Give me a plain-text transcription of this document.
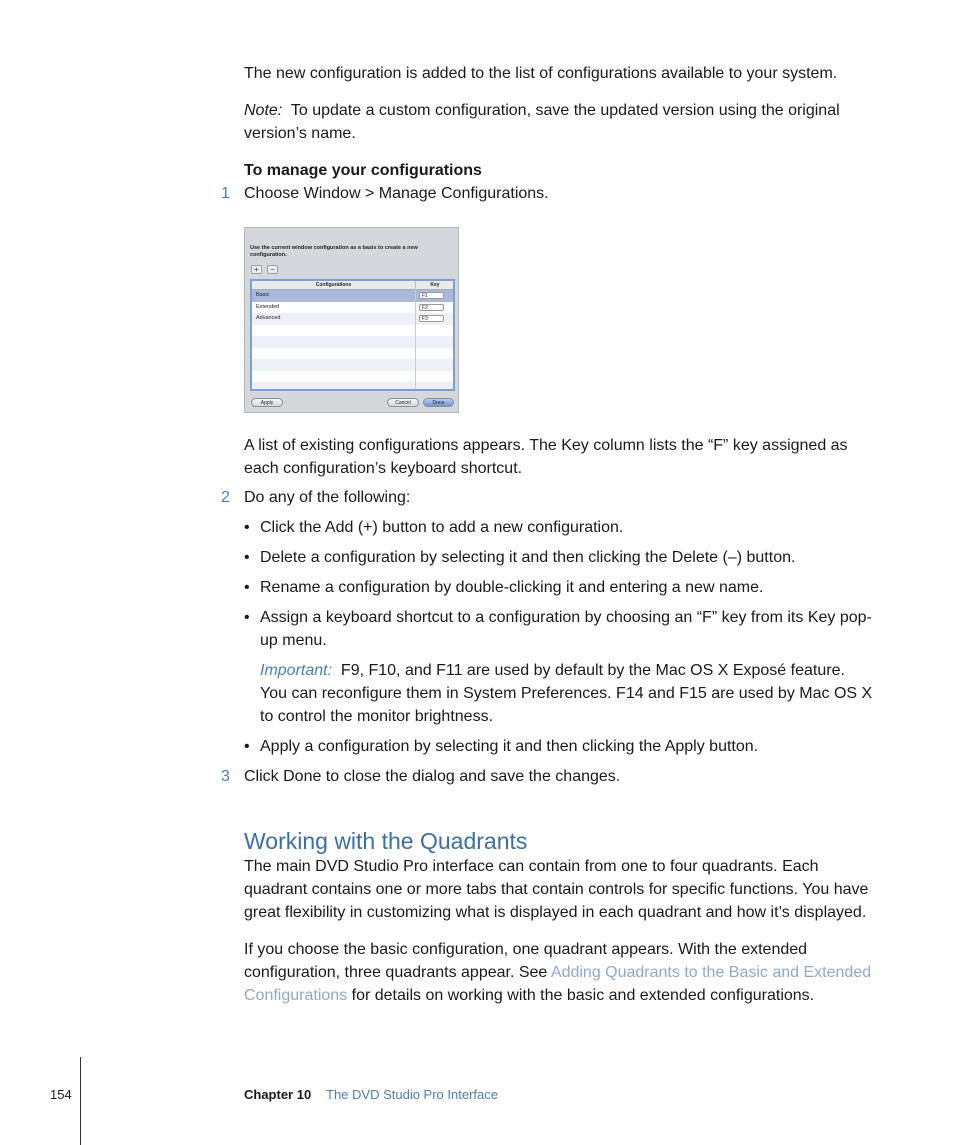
The new configuration is added to the list of configurations available to your system.

Note: To update a custom configuration, save the updated version using the original version’s name.

To manage your configurations

1 Choose Window > Manage Configurations.

Use the current window configuration as a basis to create a new configuration.
+	−
Configurations	Key
Basic	F1
Extended	F2
Advanced	F3
Apply	Cancel	Done

A list of existing configurations appears. The Key column lists the “F” key assigned as each configuration’s keyboard shortcut.

2 Do any of the following:

• Click the Add (+) button to add a new configuration.

• Delete a configuration by selecting it and then clicking the Delete (–) button.

• Rename a configuration by double-clicking it and entering a new name.

• Assign a keyboard shortcut to a configuration by choosing an “F” key from its Key pop-up menu.

Important: F9, F10, and F11 are used by default by the Mac OS X Exposé feature. You can reconfigure them in System Preferences. F14 and F15 are used by Mac OS X to control the monitor brightness.

• Apply a configuration by selecting it and then clicking the Apply button.

3 Click Done to close the dialog and save the changes.

Working with the Quadrants

The main DVD Studio Pro interface can contain from one to four quadrants. Each quadrant contains one or more tabs that contain controls for specific functions. You have great flexibility in customizing what is displayed in each quadrant and how it’s displayed.

If you choose the basic configuration, one quadrant appears. With the extended configuration, three quadrants appear. See Adding Quadrants to the Basic and Extended Configurations for details on working with the basic and extended configurations.

154	Chapter 10 The DVD Studio Pro Interface
